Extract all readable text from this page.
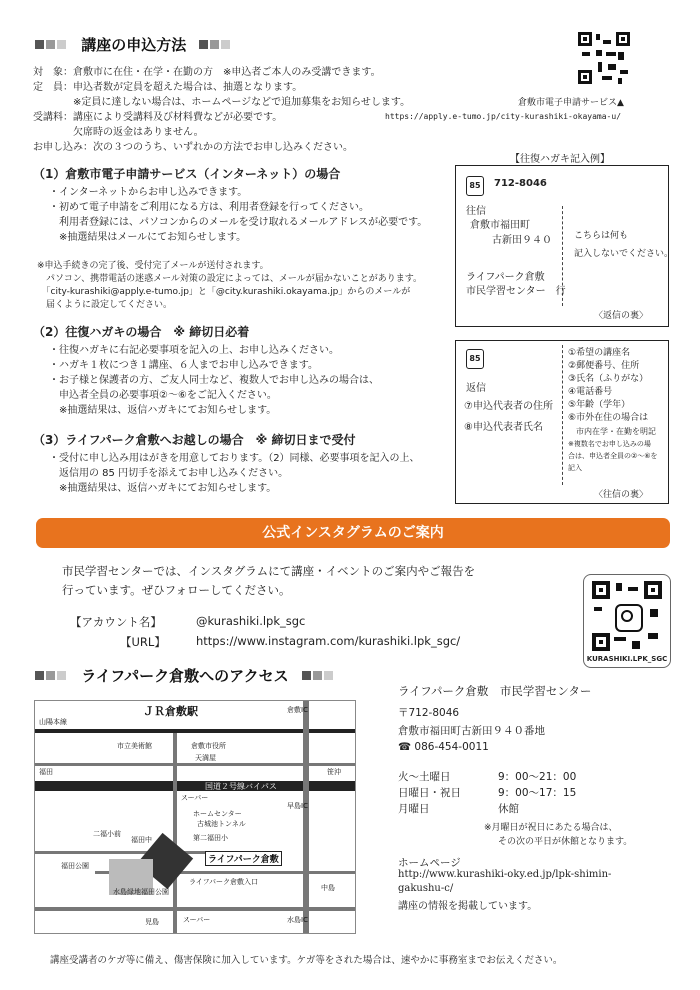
講座の申込方法
倉敷市電子申請サービス▲
https://apply.e-tumo.jp/city-kurashiki-okayama-u/
対　象：倉敷市に在住・在学・在勤の方　※申込者ご本人のみ受講できます。
定　員：申込者数が定員を超えた場合は、抽選となります。
　　　　※定員に達しない場合は、ホームページなどで追加募集をお知らせします。
受講料：講座により受講料及び材料費などが必要です。
　　　　欠席時の返金はありません。
お申し込み：次の３つのうち、いずれかの方法でお申し込みください。
（1）倉敷市電子申請サービス（インターネット）の場合
・インターネットからお申し込みできます。
・初めて電子申請をご利用になる方は、利用者登録を行ってください。
　利用者登録には、パソコンからのメールを受け取れるメールアドレスが必要です。
　※抽選結果はメールにてお知らせします。
※申込手続きの完了後、受付完了メールが送付されます。
　パソコン、携帯電話の迷惑メール対策の設定によっては、メールが届かないことがあります。
　「city-kurashiki@apply.e-tumo.jp」と「@city.kurashiki.okayama.jp」からのメールが
　届くように設定してください。
（2）往復ハガキの場合　※ 締切日必着
・往復ハガキに右記必要事項を記入の上、お申し込みください。
・ハガキ１枚につき１講座、６人までお申し込みできます。
・お子様と保護者の方、ご友人同士など、複数人でお申し込みの場合は、
　申込者全員の必要事項②～⑥をご記入ください。
　※抽選結果は、返信ハガキにてお知らせします。
（3）ライフパーク倉敷へお越しの場合　※ 締切日まで受付
・受付に申し込み用はがきを用意しております。（2）同様、必要事項を記入の上、
　返信用の 85 円切手を添えてお申し込みください。
　※抽選結果は、返信ハガキにてお知らせします。
【往復ハガキ記入例】
85	712-8046
往信
倉敷市福田町
古新田９４０
ライフパーク倉敷
市民学習センター　行
こちらは何も
記入しないでください。
〈返信の裏〉
85
返信
⑦申込代表者の住所
⑧申込代表者氏名
①希望の講座名
②郵便番号、住所
③氏名（ふりがな）
④電話番号
⑤年齢（学年）
⑥市外在住の場合は
　市内在学・在勤を明記
※複数名でお申し込みの場
合は、申込者全員の②～⑥を
記入
〈往信の裏〉
公式インスタグラムのご案内
市民学習センターでは、インスタグラムにて講座・イベントのご案内やご報告を
行っています。ぜひフォローしてください。
【アカウント名】	@kurashiki.lpk_sgc
【URL】	https://www.instagram.com/kurashiki.lpk_sgc/
KURASHIKI.LPK_SGC
ライフパーク倉敷へのアクセス
山陽本線
ＪＲ倉敷駅
国道２号線バイパス
市立美術館	倉敷市役所
天満屋
ホームセンター
古城池トンネル
第二福田小
ライフパーク倉敷
福田中
ライフパーク倉敷入口
水島緑地福田公園
スーパー
スーパー
福田公園
二福小前
笹沖
児島
福田
中島
早島IC
水島IC
倉敷IC
ライフパーク倉敷　市民学習センター
〒712-8046
倉敷市福田町古新田９４０番地
☎ 086-454-0011
火～土曜日	9：00～21：00
日曜日・祝日	9：00～17：15
月曜日	休館
※月曜日が祝日にあたる場合は、
その次の平日が休館となります。
ホームページ
http://www.kurashiki-oky.ed.jp/lpk-shimin-
gakushu-c/
講座の情報を掲載しています。
講座受講者のケガ等に備え、傷害保険に加入しています。ケガ等をされた場合は、速やかに事務室までお伝えください。
